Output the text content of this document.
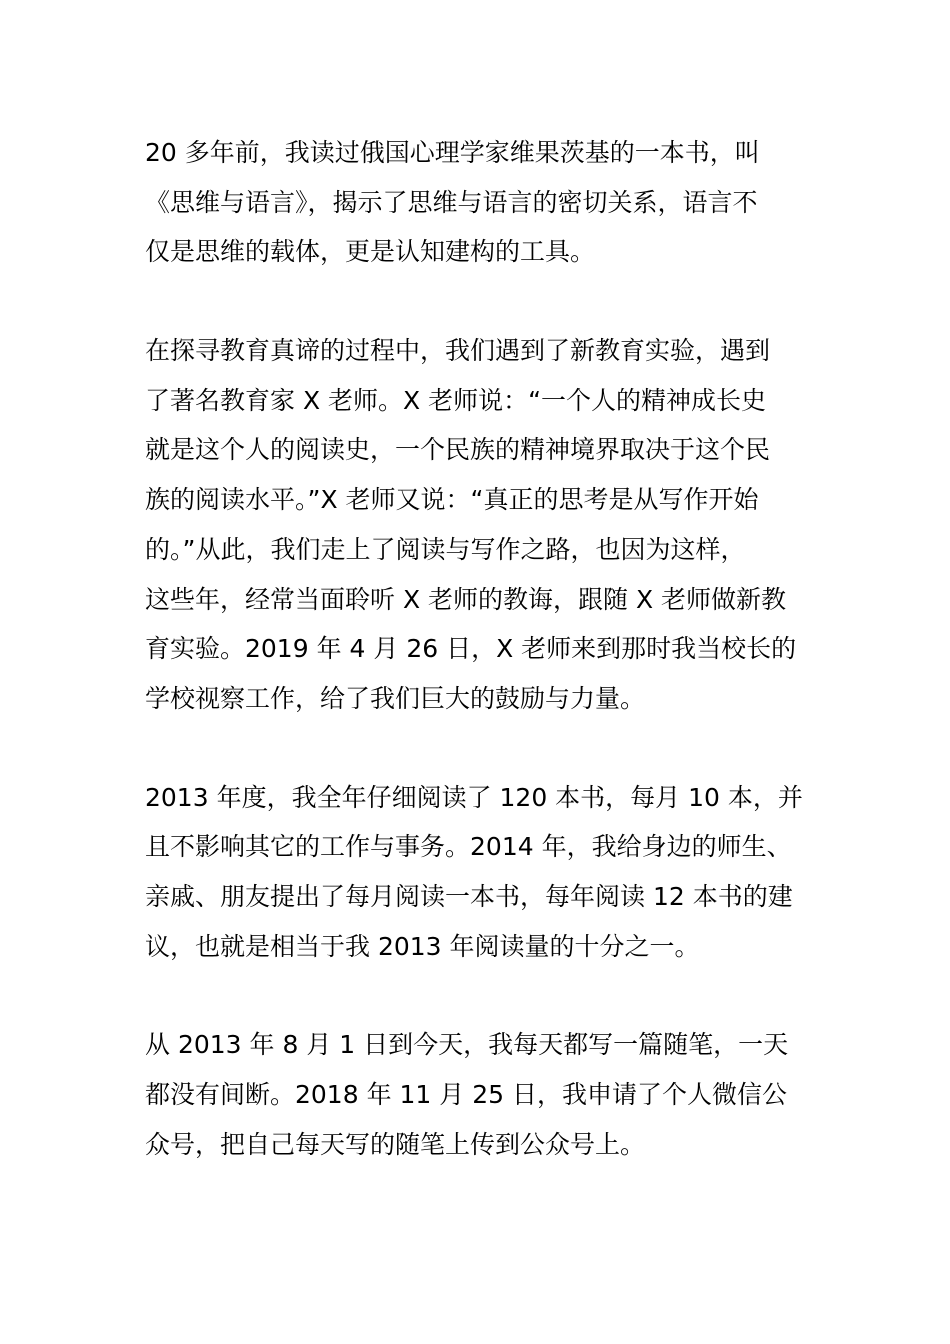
20 多年前，我读过俄国心理学家维果茨基的一本书，叫
《思维与语言》，揭示了思维与语言的密切关系，语言不
仅是思维的载体，更是认知建构的工具。

在探寻教育真谛的过程中，我们遇到了新教育实验，遇到
了著名教育家 X 老师。X 老师说：“一个人的精神成长史
就是这个人的阅读史，一个民族的精神境界取决于这个民
族的阅读水平。”X 老师又说：“真正的思考是从写作开始
的。”从此，我们走上了阅读与写作之路，也因为这样，
这些年，经常当面聆听 X 老师的教诲，跟随 X 老师做新教
育实验。2019 年 4 月 26 日，X 老师来到那时我当校长的
学校视察工作，给了我们巨大的鼓励与力量。

2013 年度，我全年仔细阅读了 120 本书，每月 10 本，并
且不影响其它的工作与事务。2014 年，我给身边的师生、
亲戚、朋友提出了每月阅读一本书，每年阅读 12 本书的建
议，也就是相当于我 2013 年阅读量的十分之一。

从 2013 年 8 月 1 日到今天，我每天都写一篇随笔，一天
都没有间断。2018 年 11 月 25 日，我申请了个人微信公
众号，把自己每天写的随笔上传到公众号上。
